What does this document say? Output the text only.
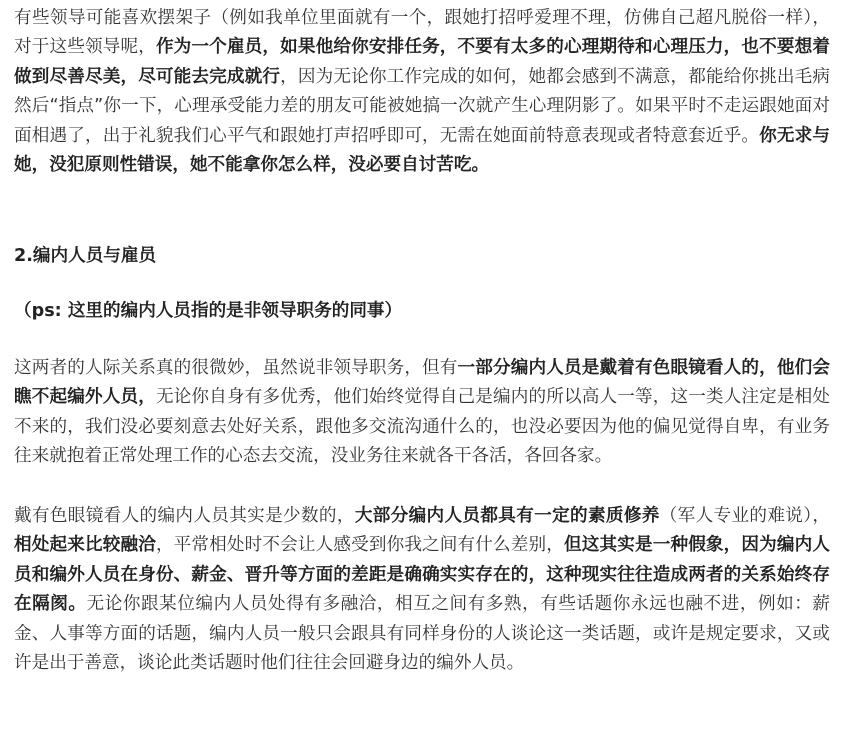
有些领导可能喜欢摆架子（例如我单位里面就有一个，跟她打招呼爱理不理，仿佛自己超凡脱俗一样），对于这些领导呢，作为一个雇员，如果他给你安排任务，不要有太多的心理期待和心理压力，也不要想着做到尽善尽美，尽可能去完成就行，因为无论你工作完成的如何，她都会感到不满意，都能给你挑出毛病然后“指点”你一下，心理承受能力差的朋友可能被她搞一次就产生心理阴影了。如果平时不走运跟她面对面相遇了，出于礼貌我们心平气和跟她打声招呼即可，无需在她面前特意表现或者特意套近乎。你无求与她，没犯原则性错误，她不能拿你怎么样，没必要自讨苦吃。

2.编内人员与雇员

（ps: 这里的编内人员指的是非领导职务的同事）

这两者的人际关系真的很微妙，虽然说非领导职务，但有一部分编内人员是戴着有色眼镜看人的，他们会瞧不起编外人员，无论你自身有多优秀，他们始终觉得自己是编内的所以高人一等，这一类人注定是相处不来的，我们没必要刻意去处好关系，跟他多交流沟通什么的，也没必要因为他的偏见觉得自卑，有业务往来就抱着正常处理工作的心态去交流，没业务往来就各干各活，各回各家。

戴有色眼镜看人的编内人员其实是少数的，大部分编内人员都具有一定的素质修养（军人专业的难说），相处起来比较融洽，平常相处时不会让人感受到你我之间有什么差别，但这其实是一种假象，因为编内人员和编外人员在身份、薪金、晋升等方面的差距是确确实实存在的，这种现实往往造成两者的关系始终存在隔阂。无论你跟某位编内人员处得有多融洽，相互之间有多熟，有些话题你永远也融不进，例如：薪金、人事等方面的话题，编内人员一般只会跟具有同样身份的人谈论这一类话题，或许是规定要求，又或许是出于善意，谈论此类话题时他们往往会回避身边的编外人员。
